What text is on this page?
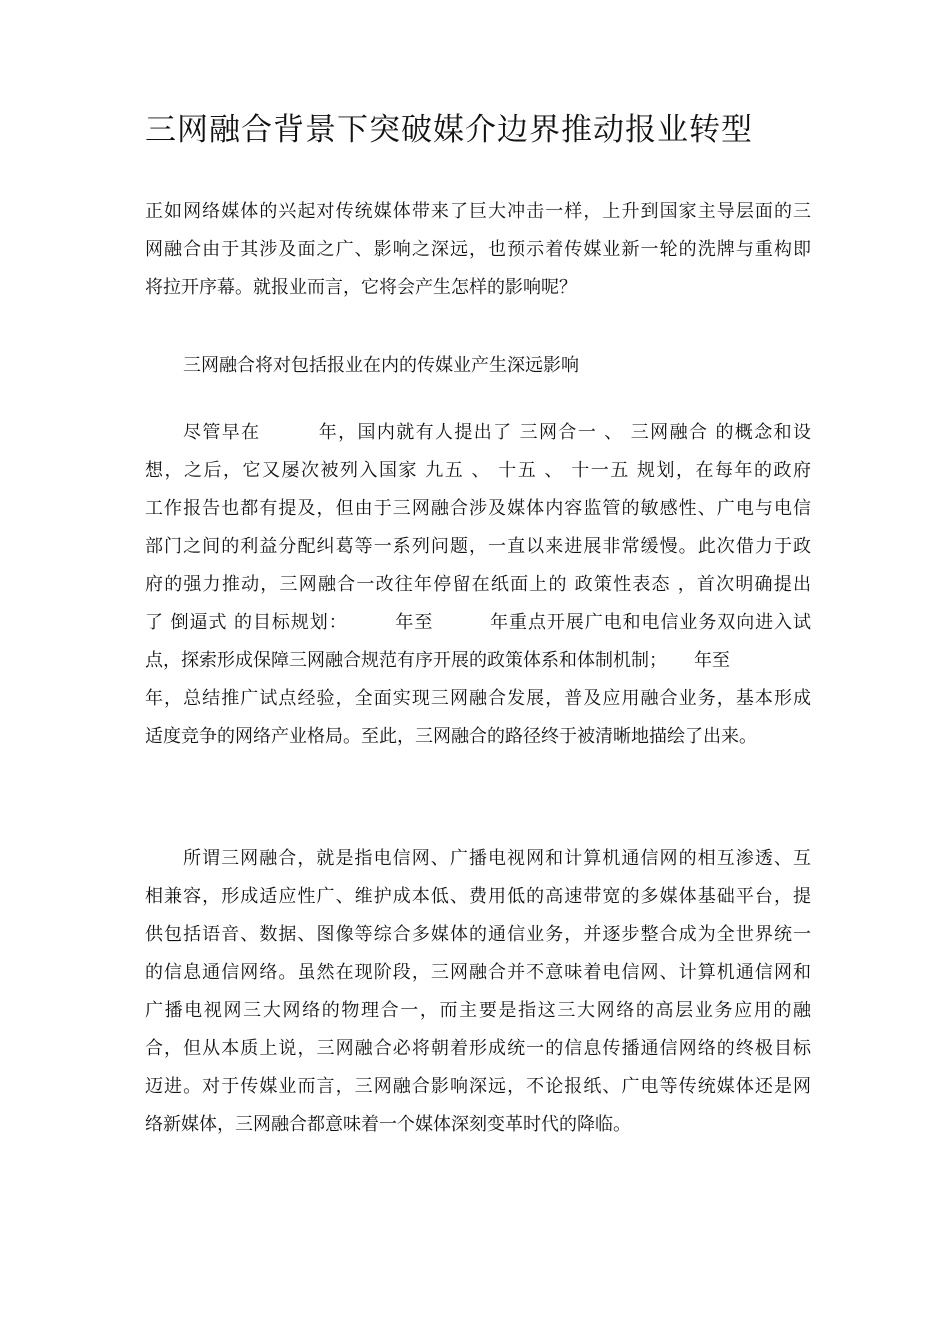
三网融合背景下突破媒介边界推动报业转型
正如网络媒体的兴起对传统媒体带来了巨大冲击一样，上升到国家主导层面的三
网融合由于其涉及面之广、影响之深远，也预示着传媒业新一轮的洗牌与重构即
将拉开序幕。就报业而言，它将会产生怎样的影响呢？
三网融合将对包括报业在内的传媒业产生深远影响
尽管早在　　　年，国内就有人提出了 三网合一 、 三网融合 的概念和设
想，之后，它又屡次被列入国家 九五 、 十五 、 十一五 规划，在每年的政府
工作报告也都有提及，但由于三网融合涉及媒体内容监管的敏感性、广电与电信
部门之间的利益分配纠葛等一系列问题，一直以来进展非常缓慢。此次借力于政
府的强力推动，三网融合一改往年停留在纸面上的 政策性表态 ，首次明确提出
了 倒逼式 的目标规划：　　　年至　　　年重点开展广电和电信业务双向进入试
点，探索形成保障三网融合规范有序开展的政策体系和体制机制；　　年至
年，总结推广试点经验，全面实现三网融合发展，普及应用融合业务，基本形成
适度竞争的网络产业格局。至此，三网融合的路径终于被清晰地描绘了出来。
所谓三网融合，就是指电信网、广播电视网和计算机通信网的相互渗透、互
相兼容，形成适应性广、维护成本低、费用低的高速带宽的多媒体基础平台，提
供包括语音、数据、图像等综合多媒体的通信业务，并逐步整合成为全世界统一
的信息通信网络。虽然在现阶段，三网融合并不意味着电信网、计算机通信网和
广播电视网三大网络的物理合一，而主要是指这三大网络的高层业务应用的融
合，但从本质上说，三网融合必将朝着形成统一的信息传播通信网络的终极目标
迈进。对于传媒业而言，三网融合影响深远，不论报纸、广电等传统媒体还是网
络新媒体，三网融合都意味着一个媒体深刻变革时代的降临。
